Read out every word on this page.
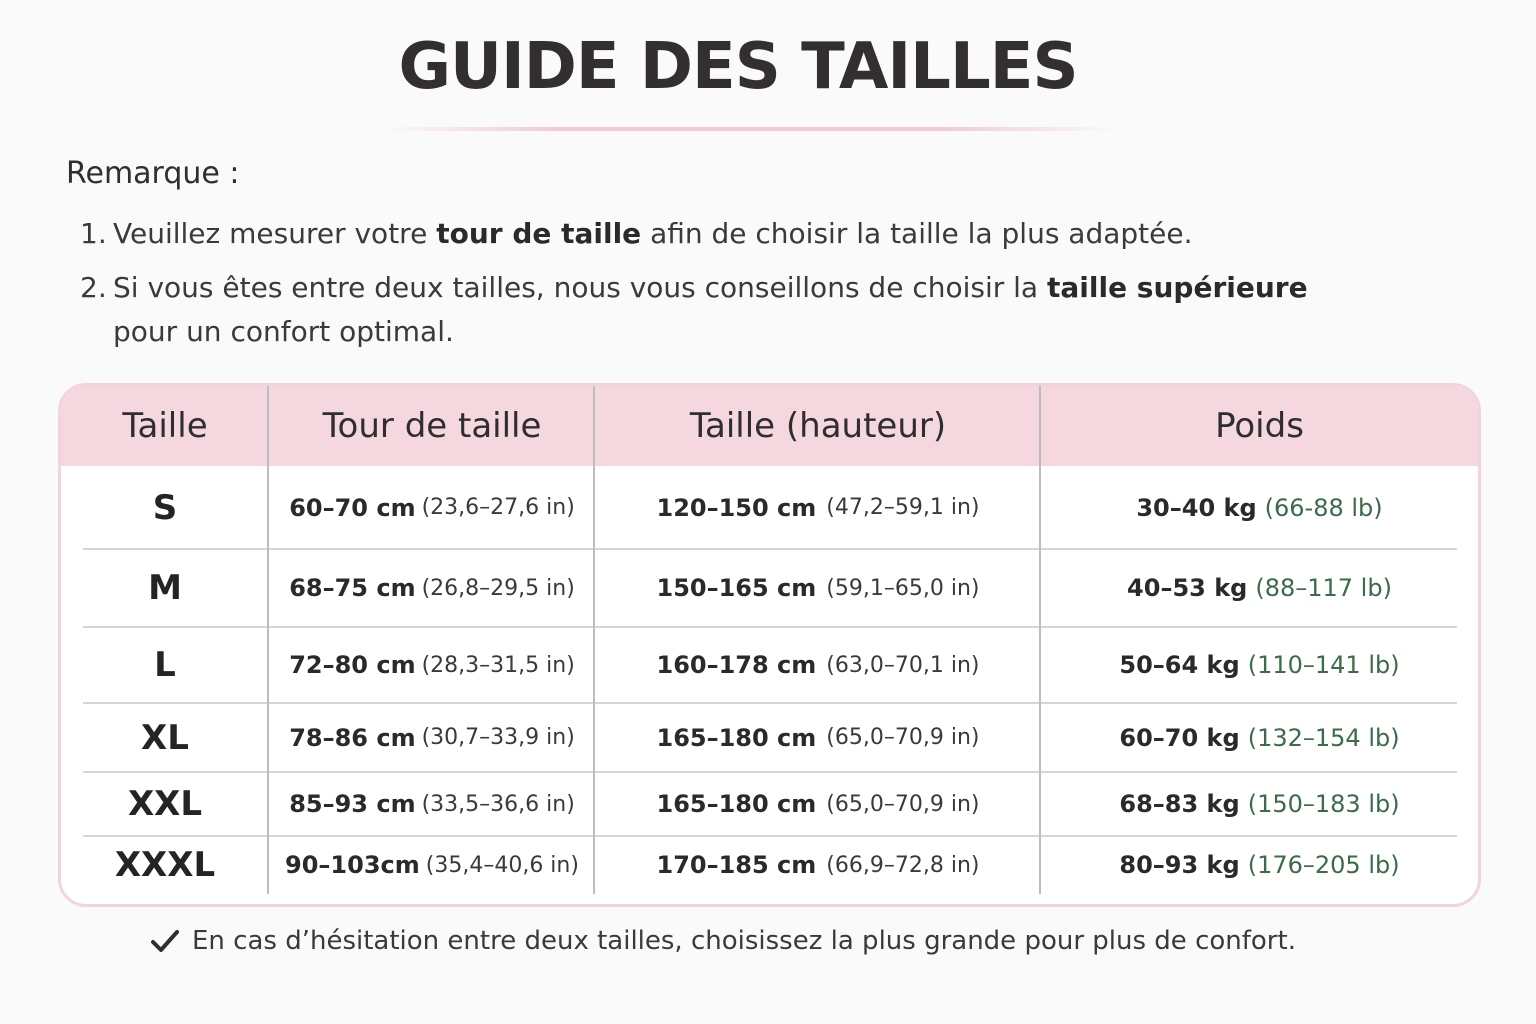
GUIDE DES TAILLES
Remarque :
1. Veuillez mesurer votre tour de taille afin de choisir la taille la plus adaptée.
2. Si vous êtes entre deux tailles, nous vous conseillons de choisir la taille supérieure
pour un confort optimal.
Taille	Tour de taille	Taille (hauteur)	Poids
S	60–70 cm (23,6–27,6 in)	120–150 cm (47,2–59,1 in)	30–40 kg (66-88 lb)
M	68–75 cm (26,8–29,5 in)	150–165 cm (59,1–65,0 in)	40–53 kg (88–117 lb)
L	72–80 cm (28,3–31,5 in)	160–178 cm (63,0–70,1 in)	50–64 kg (110–141 lb)
XL	78–86 cm (30,7–33,9 in)	165–180 cm (65,0–70,9 in)	60–70 kg (132–154 lb)
XXL	85–93 cm (33,5–36,6 in)	165–180 cm (65,0–70,9 in)	68–83 kg (150–183 lb)
XXXL	90–103cm (35,4–40,6 in)	170–185 cm (66,9–72,8 in)	80–93 kg (176–205 lb)
En cas d’hésitation entre deux tailles, choisissez la plus grande pour plus de confort.
